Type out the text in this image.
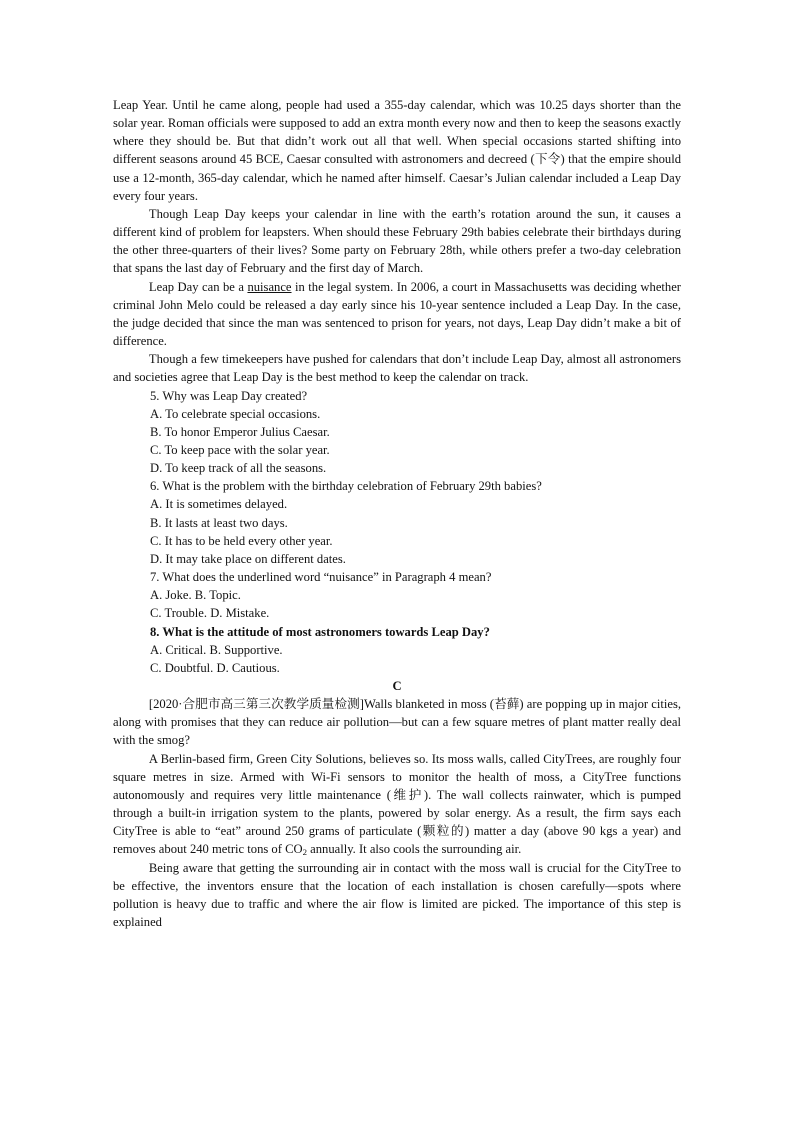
Leap Year. Until he came along, people had used a 355-day calendar, which was 10.25 days shorter than the solar year. Roman officials were supposed to add an extra month every now and then to keep the seasons exactly where they should be. But that didn’t work out all that well. When special occasions started shifting into different seasons around 45 BCE, Caesar consulted with astronomers and decreed (下令) that the empire should use a 12-month, 365-day calendar, which he named after himself. Caesar’s Julian calendar included a Leap Day every four years.

Though Leap Day keeps your calendar in line with the earth’s rotation around the sun, it causes a different kind of problem for leapsters. When should these February 29th babies celebrate their birthdays during the other three-quarters of their lives? Some party on February 28th, while others prefer a two-day celebration that spans the last day of February and the first day of March.

Leap Day can be a nuisance in the legal system. In 2006, a court in Massachusetts was deciding whether criminal John Melo could be released a day early since his 10-year sentence included a Leap Day. In the case, the judge decided that since the man was sentenced to prison for years, not days, Leap Day didn’t make a bit of difference.

Though a few timekeepers have pushed for calendars that don’t include Leap Day, almost all astronomers and societies agree that Leap Day is the best method to keep the calendar on track.

5. Why was Leap Day created?

A. To celebrate special occasions.

B. To honor Emperor Julius Caesar.

C. To keep pace with the solar year.

D. To keep track of all the seasons.

6. What is the problem with the birthday celebration of February 29th babies?

A. It is sometimes delayed.

B. It lasts at least two days.

C. It has to be held every other year.

D. It may take place on different dates.

7. What does the underlined word “nuisance” in Paragraph 4 mean?

A. Joke. B. Topic.

C. Trouble. D. Mistake.

8. What is the attitude of most astronomers towards Leap Day?

A. Critical. B. Supportive.

C. Doubtful. D. Cautious.

C

[2020·合肥市高三第三次教学质量检测]Walls blanketed in moss (苔藓) are popping up in major cities, along with promises that they can reduce air pollution—but can a few square metres of plant matter really deal with the smog?

A Berlin-based firm, Green City Solutions, believes so. Its moss walls, called CityTrees, are roughly four square metres in size. Armed with Wi-Fi sensors to monitor the health of moss, a CityTree functions autonomously and requires very little maintenance (维护). The wall collects rainwater, which is pumped through a built-in irrigation system to the plants, powered by solar energy. As a result, the firm says each CityTree is able to “eat” around 250 grams of particulate (颗粒的) matter a day (above 90 kgs a year) and removes about 240 metric tons of $CO_2$ annually. It also cools the surrounding air.

Being aware that getting the surrounding air in contact with the moss wall is crucial for the CityTree to be effective, the inventors ensure that the location of each installation is chosen carefully—spots where pollution is heavy due to traffic and where the air flow is limited are picked. The importance of this step is explained
